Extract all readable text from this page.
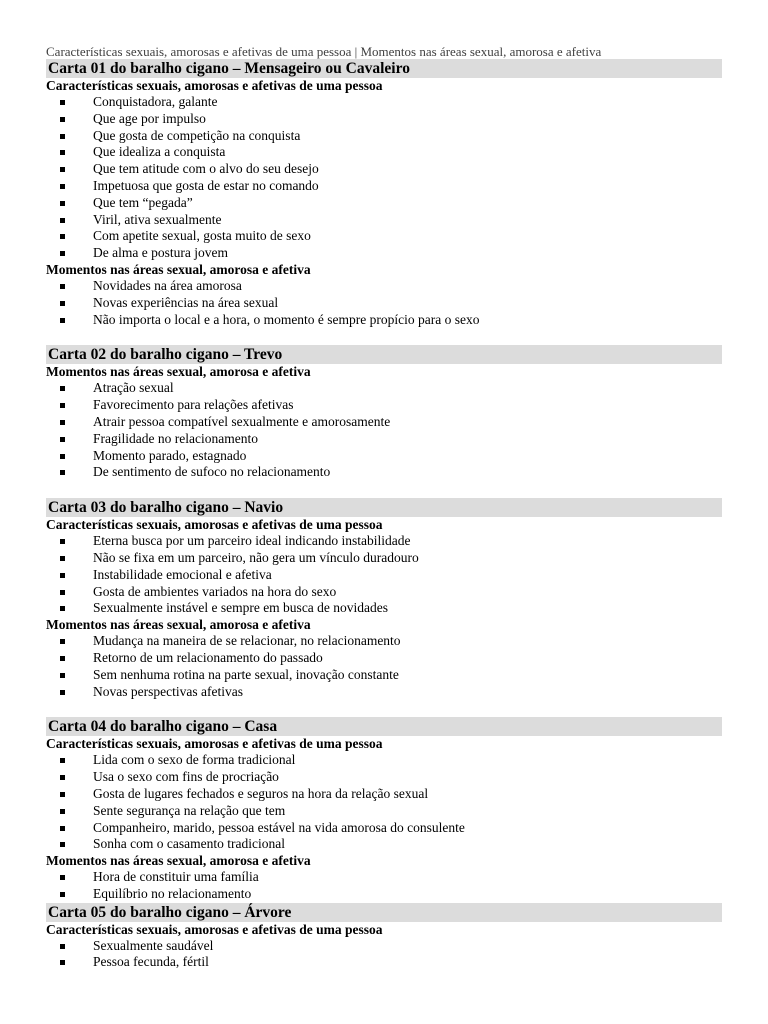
Características sexuais, amorosas e afetivas de uma pessoa | Momentos nas áreas sexual, amorosa e afetiva
Carta 01 do baralho cigano – Mensageiro ou Cavaleiro
Características sexuais, amorosas e afetivas de uma pessoa
Conquistadora, galante
Que age por impulso
Que gosta de competição na conquista
Que idealiza a conquista
Que tem atitude com o alvo do seu desejo
Impetuosa que gosta de estar no comando
Que tem “pegada”
Viril, ativa sexualmente
Com apetite sexual, gosta muito de sexo
De alma e postura jovem
Momentos nas áreas sexual, amorosa e afetiva
Novidades na área amorosa
Novas experiências na área sexual
Não importa o local e a hora, o momento é sempre propício para o sexo
Carta 02 do baralho cigano – Trevo
Momentos nas áreas sexual, amorosa e afetiva
Atração sexual
Favorecimento para relações afetivas
Atrair pessoa compatível sexualmente e amorosamente
Fragilidade no relacionamento
Momento parado, estagnado
De sentimento de sufoco no relacionamento
Carta 03 do baralho cigano – Navio
Características sexuais, amorosas e afetivas de uma pessoa
Eterna busca por um parceiro ideal indicando instabilidade
Não se fixa em um parceiro, não gera um vínculo duradouro
Instabilidade emocional e afetiva
Gosta de ambientes variados na hora do sexo
Sexualmente instável e sempre em busca de novidades
Momentos nas áreas sexual, amorosa e afetiva
Mudança na maneira de se relacionar, no relacionamento
Retorno de um relacionamento do passado
Sem nenhuma rotina na parte sexual, inovação constante
Novas perspectivas afetivas
Carta 04 do baralho cigano – Casa
Características sexuais, amorosas e afetivas de uma pessoa
Lida com o sexo de forma tradicional
Usa o sexo com fins de procriação
Gosta de lugares fechados e seguros na hora da relação sexual
Sente segurança na relação que tem
Companheiro, marido, pessoa estável na vida amorosa do consulente
Sonha com o casamento tradicional
Momentos nas áreas sexual, amorosa e afetiva
Hora de constituir uma família
Equilíbrio no relacionamento
Carta 05 do baralho cigano – Árvore
Características sexuais, amorosas e afetivas de uma pessoa
Sexualmente saudável
Pessoa fecunda, fértil
